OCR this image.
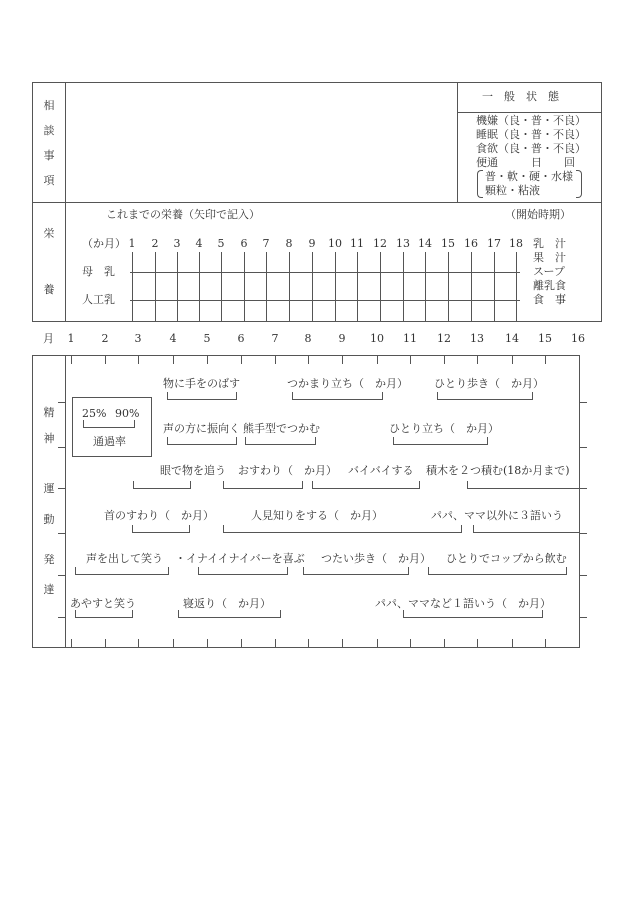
相
談
事
項
一　般　状　態
機嫌（良・普・不良）
睡眠（良・普・不良）
食欲（良・普・不良）
便通　　　日　　回
普・軟・硬・水様
顆粒・粘液
栄
養
これまでの栄養（矢印で記入）	（開始時期）
（か月）
母　乳
人工乳
1	2	3	4	5	6	7	8	9	10 11 12 13 14 15 16 17 18 乳　汁
果　汁
スープ
離乳食
食　事
月	1	2	3	4	5	6	7	8	9	10 11 12 13 14 15 16
精
神
運
動
発
達
25% 90%
通過率
物に手をのばす	つかまり立ち（　か月） ひとり歩き（　か月）
声の方に振向く 熊手型でつかむ	ひとり立ち（　か月）
眼で物を追う おすわり（　か月） バイバイする 積木を２つ積む(18か月まで)
首のすわり（　か月）	人見知りをする（　か月）	パパ、ママ以外に３語いう
声を出して笑う ・イナイイナイバーを喜ぶ つたい歩き（　か月） ひとりでコップから飲む
あやすと笑う	寝返り（　か月）	パパ、ママなど１語いう（　か月）
